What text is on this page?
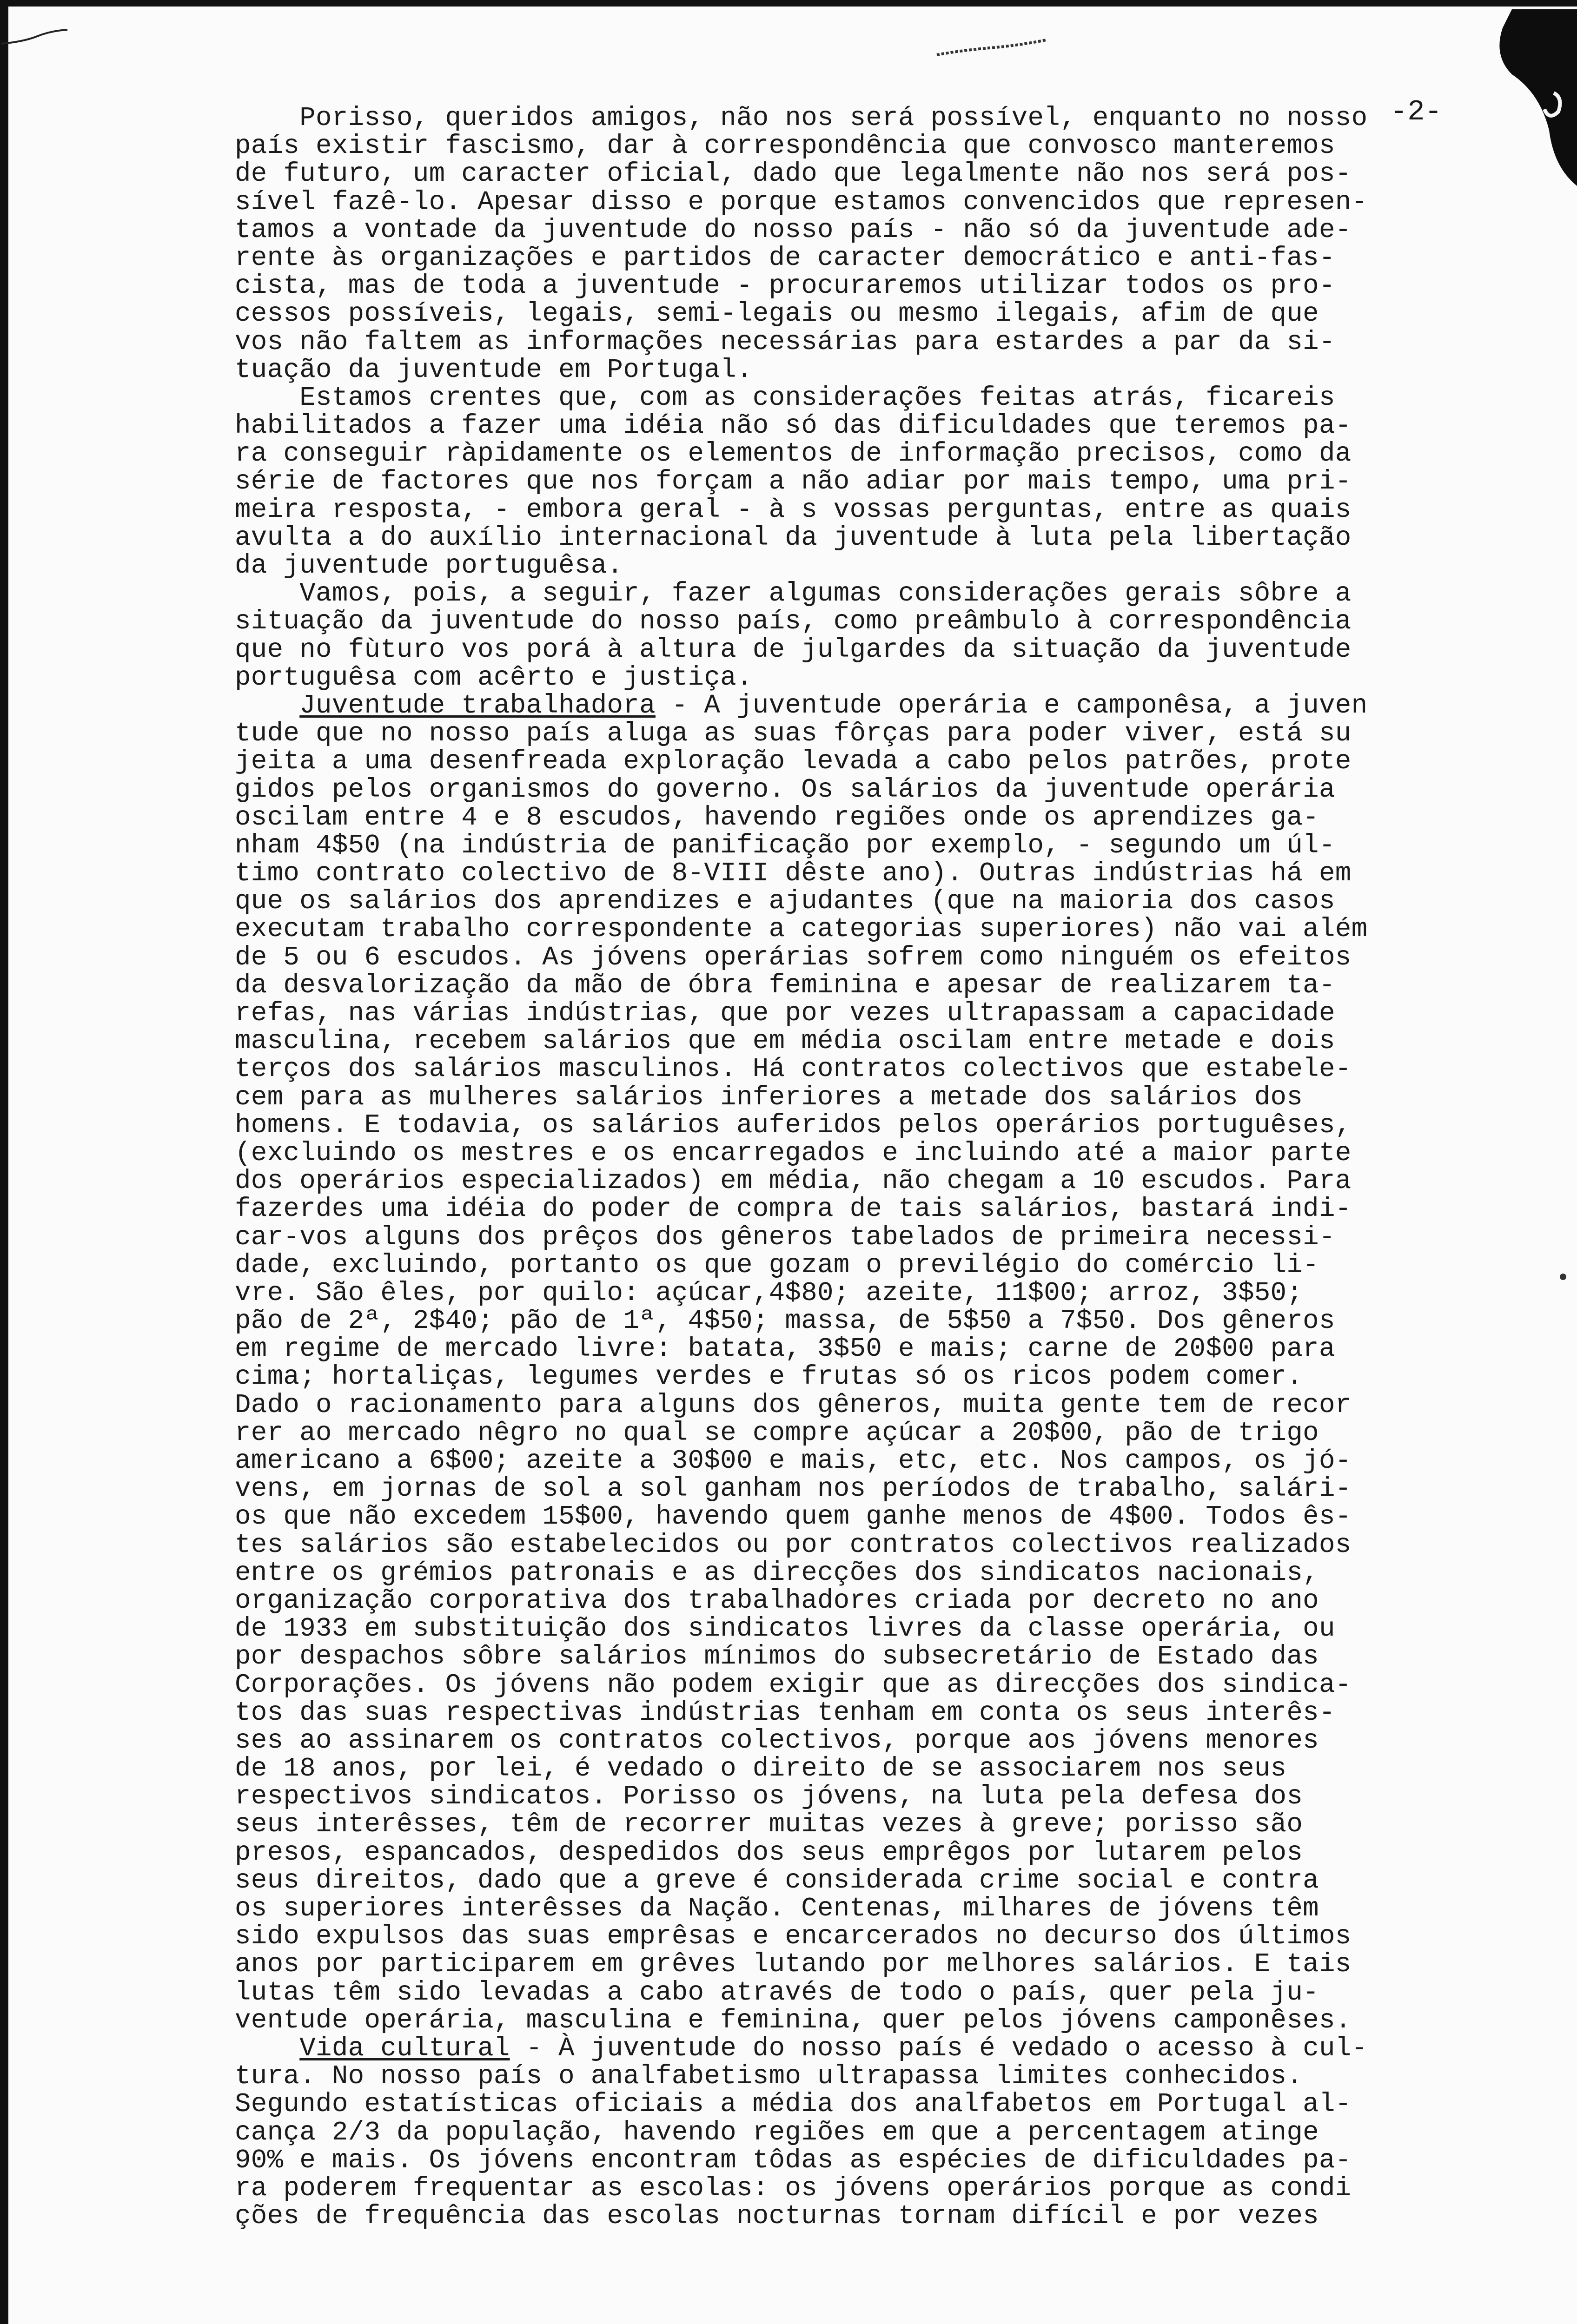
-2-
Porisso, queridos amigos, não nos será possível, enquanto no nosso
país existir fascismo, dar à correspondência que convosco manteremos
de futuro, um caracter oficial, dado que legalmente não nos será pos-
sível fazê-lo. Apesar disso e porque estamos convencidos que represen-
tamos a vontade da juventude do nosso país - não só da juventude ade-
rente às organizações e partidos de caracter democrático e anti-fas-
cista, mas de toda a juventude - procuraremos utilizar todos os pro-
cessos possíveis, legais, semi-legais ou mesmo ilegais, afim de que
vos não faltem as informações necessárias para estardes a par da si-
tuação da juventude em Portugal.
Estamos crentes que, com as considerações feitas atrás, ficareis
habilitados a fazer uma idéia não só das dificuldades que teremos pa-
ra conseguir ràpidamente os elementos de informação precisos, como da
série de factores que nos forçam a não adiar por mais tempo, uma pri-
meira resposta, - embora geral - à s vossas perguntas, entre as quais
avulta a do auxílio internacional da juventude à luta pela libertação
da juventude portuguêsa.
Vamos, pois, a seguir, fazer algumas considerações gerais sôbre a
situação da juventude do nosso país, como preâmbulo à correspondência
que no fùturo vos porá à altura de julgardes da situação da juventude
portuguêsa com acêrto e justiça.
Juventude trabalhadora - A juventude operária e camponêsa, a juven
tude que no nosso país aluga as suas fôrças para poder viver, está su
jeita a uma desenfreada exploração levada a cabo pelos patrões, prote
gidos pelos organismos do governo. Os salários da juventude operária
oscilam entre 4 e 8 escudos, havendo regiões onde os aprendizes ga-
nham 4$50 (na indústria de panificação por exemplo, - segundo um úl-
timo contrato colectivo de 8-VIII dêste ano). Outras indústrias há em
que os salários dos aprendizes e ajudantes (que na maioria dos casos
executam trabalho correspondente a categorias superiores) não vai além
de 5 ou 6 escudos. As jóvens operárias sofrem como ninguém os efeitos
da desvalorização da mão de óbra feminina e apesar de realizarem ta-
refas, nas várias indústrias, que por vezes ultrapassam a capacidade
masculina, recebem salários que em média oscilam entre metade e dois
terços dos salários masculinos. Há contratos colectivos que estabele-
cem para as mulheres salários inferiores a metade dos salários dos
homens. E todavia, os salários auferidos pelos operários portuguêses,
(excluindo os mestres e os encarregados e incluindo até a maior parte
dos operários especializados) em média, não chegam a 10 escudos. Para
fazerdes uma idéia do poder de compra de tais salários, bastará indi-
car-vos alguns dos prêços dos gêneros tabelados de primeira necessi-
dade, excluindo, portanto os que gozam o previlégio do comércio li-
vre. São êles, por quilo: açúcar,4$80; azeite, 11$00; arroz, 3$50;
pão de 2ª, 2$40; pão de 1ª, 4$50; massa, de 5$50 a 7$50. Dos gêneros
em regime de mercado livre: batata, 3$50 e mais; carne de 20$00 para
cima; hortaliças, legumes verdes e frutas só os ricos podem comer.
Dado o racionamento para alguns dos gêneros, muita gente tem de recor
rer ao mercado nêgro no qual se compre açúcar a 20$00, pão de trigo
americano a 6$00; azeite a 30$00 e mais, etc, etc. Nos campos, os jó-
vens, em jornas de sol a sol ganham nos períodos de trabalho, salári-
os que não excedem 15$00, havendo quem ganhe menos de 4$00. Todos ês-
tes salários são estabelecidos ou por contratos colectivos realizados
entre os grémios patronais e as direcções dos sindicatos nacionais,
organização corporativa dos trabalhadores criada por decreto no ano
de 1933 em substituição dos sindicatos livres da classe operária, ou
por despachos sôbre salários mínimos do subsecretário de Estado das
Corporações. Os jóvens não podem exigir que as direcções dos sindica-
tos das suas respectivas indústrias tenham em conta os seus interês-
ses ao assinarem os contratos colectivos, porque aos jóvens menores
de 18 anos, por lei, é vedado o direito de se associarem nos seus
respectivos sindicatos. Porisso os jóvens, na luta pela defesa dos
seus interêsses, têm de recorrer muitas vezes à greve; porisso são
presos, espancados, despedidos dos seus emprêgos por lutarem pelos
seus direitos, dado que a greve é considerada crime social e contra
os superiores interêsses da Nação. Centenas, milhares de jóvens têm
sido expulsos das suas emprêsas e encarcerados no decurso dos últimos
anos por participarem em grêves lutando por melhores salários. E tais
lutas têm sido levadas a cabo através de todo o país, quer pela ju-
ventude operária, masculina e feminina, quer pelos jóvens camponêses.
Vida cultural - À juventude do nosso país é vedado o acesso à cul-
tura. No nosso país o analfabetismo ultrapassa limites conhecidos.
Segundo estatísticas oficiais a média dos analfabetos em Portugal al-
cança 2/3 da população, havendo regiões em que a percentagem atinge
90% e mais. Os jóvens encontram tôdas as espécies de dificuldades pa-
ra poderem frequentar as escolas: os jóvens operários porque as condi
ções de frequência das escolas nocturnas tornam difícil e por vezes
